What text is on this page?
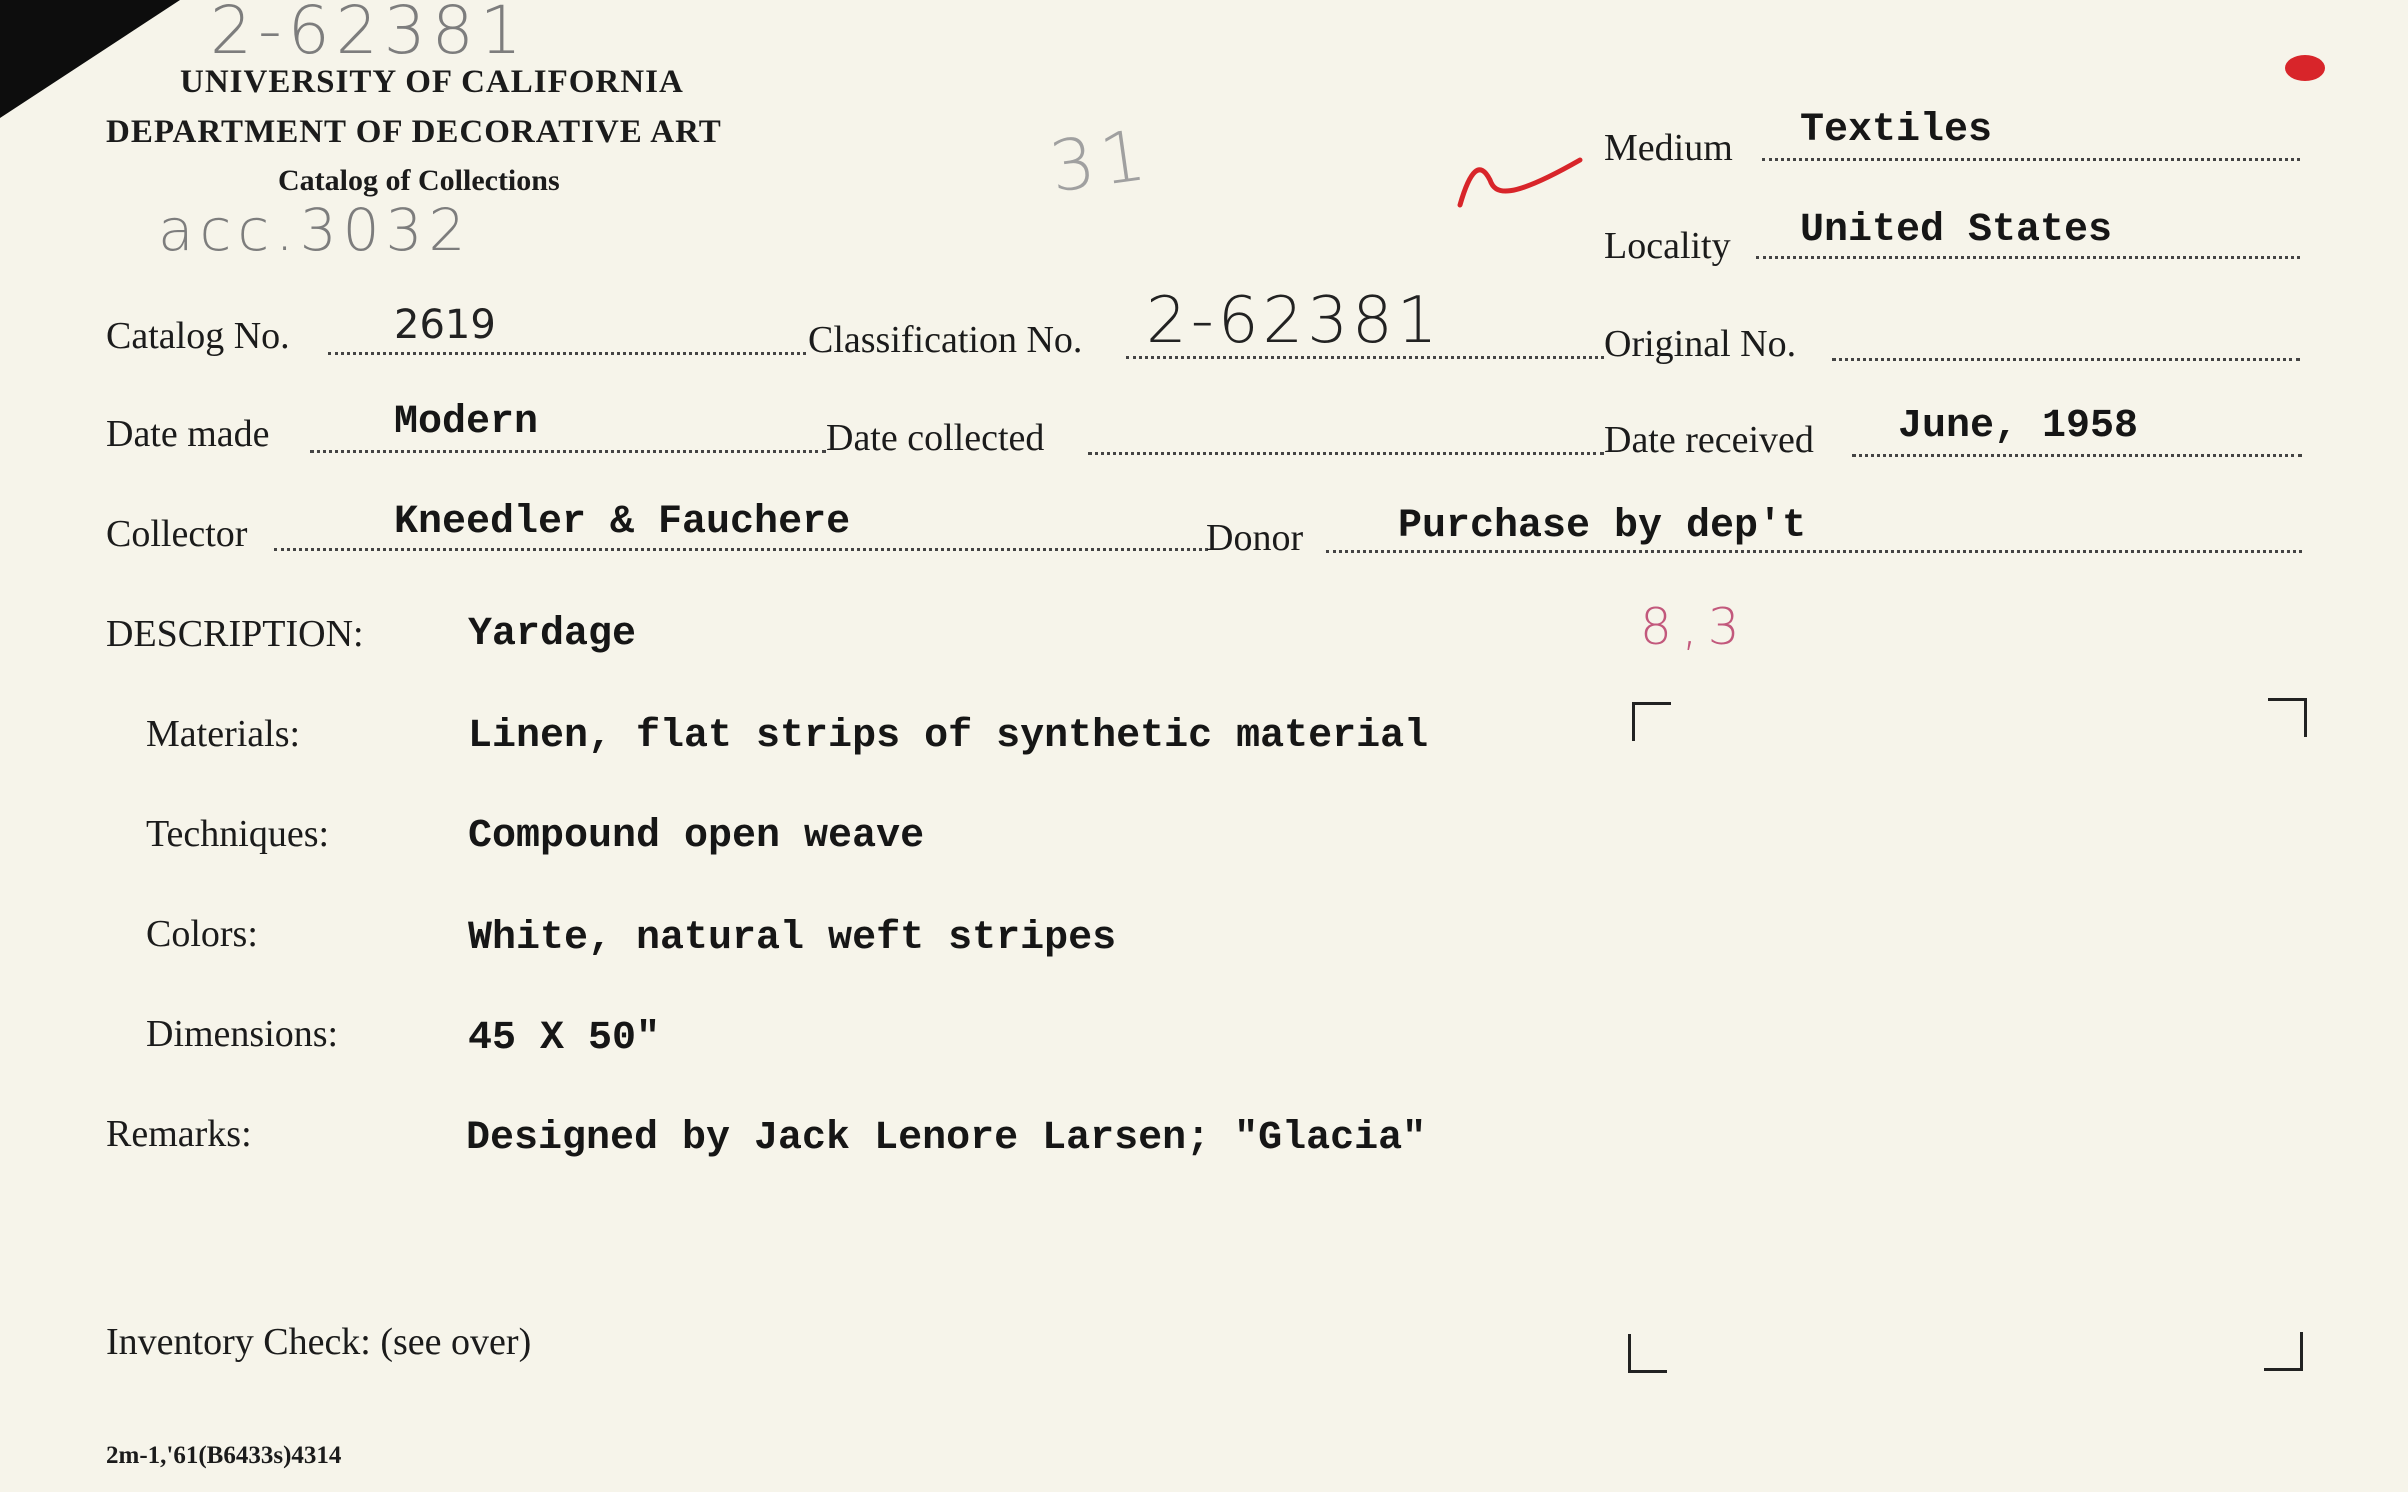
2-62381
acc.3032
31
8,3
UNIVERSITY OF CALIFORNIA
DEPARTMENT OF DECORATIVE ART
Catalog of Collections
Medium Textiles
Locality United States
Catalog No.	2619	Classification No. 2-62381	Original No.
Date made	Modern	Date collected	Date received June, 1958
Collector	Kneedler & Fauchere	Donor Purchase by dep't
DESCRIPTION:	Yardage
Materials:	Linen, flat strips of synthetic material
Techniques:	Compound open weave
Colors:	White, natural weft stripes
Dimensions:	45 X 50"
Remarks:	Designed by Jack Lenore Larsen; "Glacia"
Inventory Check: (see over)
2m-1,'61(B6433s)4314
